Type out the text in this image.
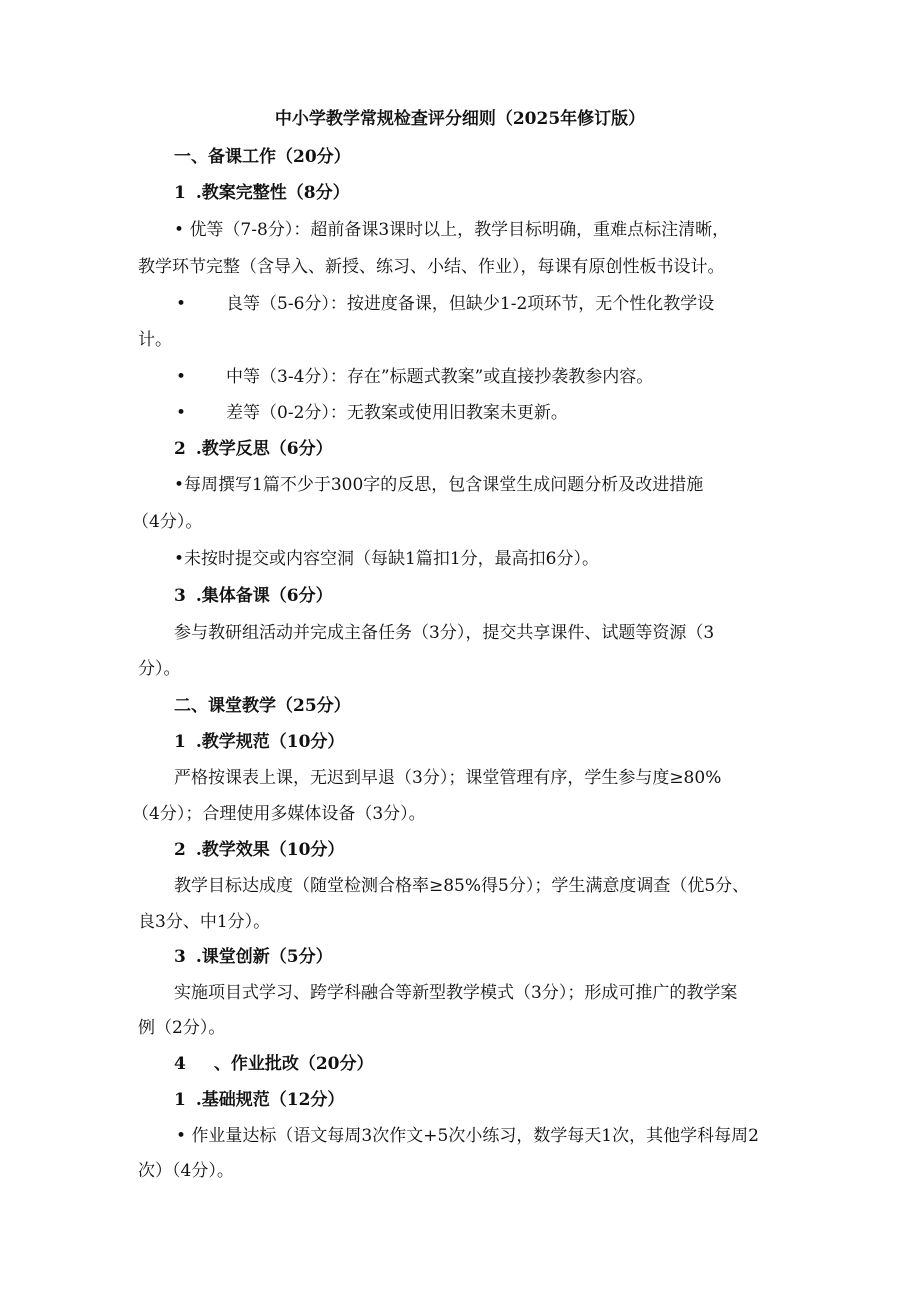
中小学教学常规检查评分细则（2025年修订版）
一、备课工作（20分）
1 .教案完整性（8分）
• 优等（7-8分）：超前备课3课时以上，教学目标明确，重难点标注清晰，
教学环节完整（含导入、新授、练习、小结、作业），每课有原创性板书设计。
• 良等（5-6分）：按进度备课，但缺少1-2项环节，无个性化教学设
计。
• 中等（3-4分）：存在”标题式教案”或直接抄袭教参内容。
• 差等（0-2分）：无教案或使用旧教案未更新。
2 .教学反思（6分）
•每周撰写1篇不少于300字的反思，包含课堂生成问题分析及改进措施
（4分）。
•未按时提交或内容空洞（每缺1篇扣1分，最高扣6分）。
3 .集体备课（6分）
参与教研组活动并完成主备任务（3分），提交共享课件、试题等资源（3
分）。
二、课堂教学（25分）
1 .教学规范（10分）
严格按课表上课，无迟到早退（3分）；课堂管理有序，学生参与度≥80%
（4分）；合理使用多媒体设备（3分）。
2 .教学效果（10分）
教学目标达成度（随堂检测合格率≥85%得5分）；学生满意度调查（优5分、
良3分、中1分）。
3 .课堂创新（5分）
实施项目式学习、跨学科融合等新型教学模式（3分）；形成可推广的教学案
例（2分）。
4 、作业批改（20分）
1 .基础规范（12分）
• 作业量达标（语文每周3次作文+5次小练习，数学每天1次，其他学科每周2
次）（4分）。
